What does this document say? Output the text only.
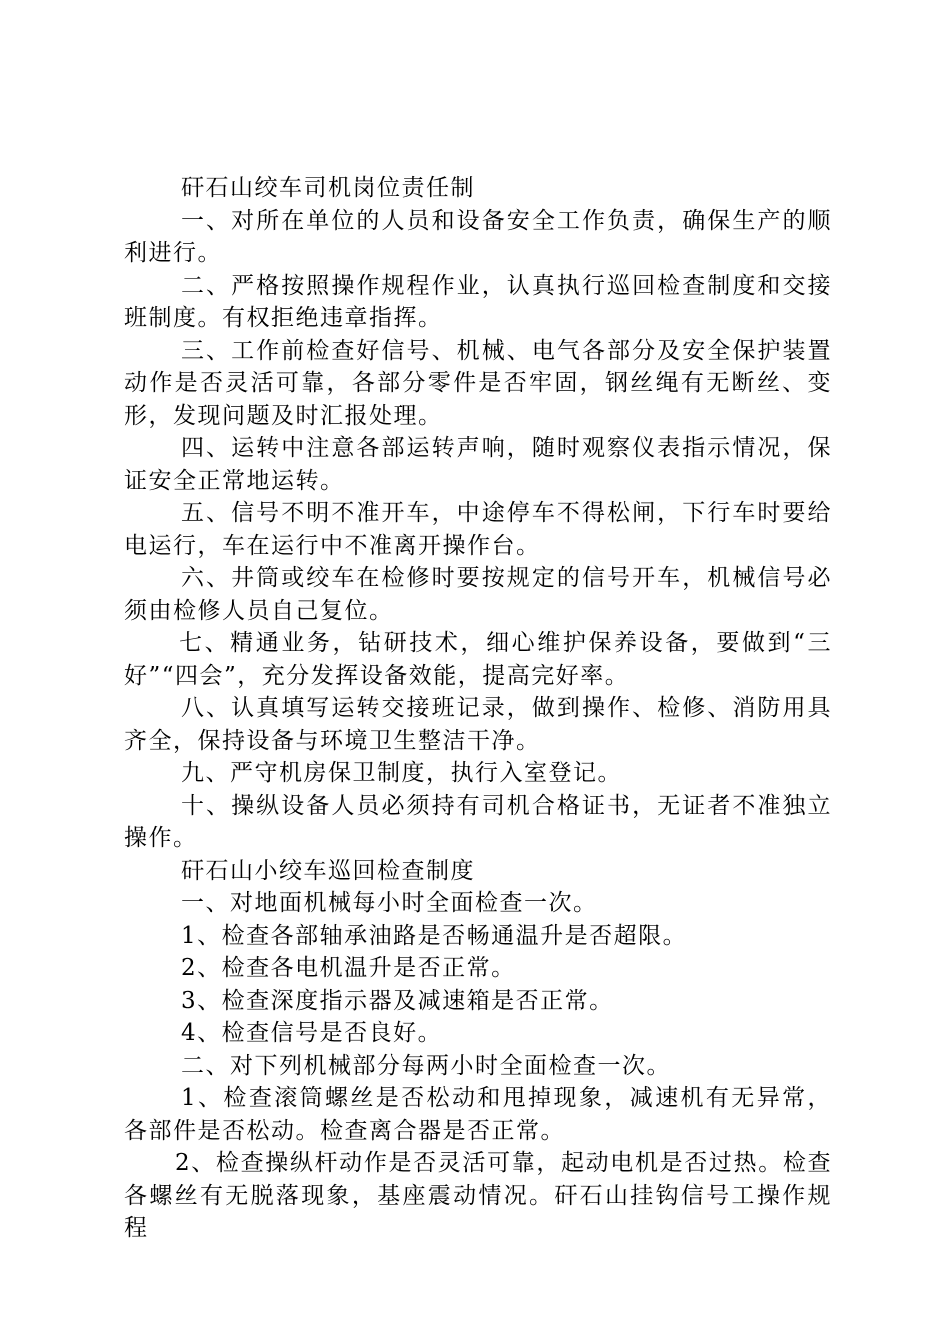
矸石山绞车司机岗位责任制

一、对所在单位的人员和设备安全工作负责，确保生产的顺利进行。

二、严格按照操作规程作业，认真执行巡回检查制度和交接班制度。有权拒绝违章指挥。

三、工作前检查好信号、机械、电气各部分及安全保护装置动作是否灵活可靠，各部分零件是否牢固，钢丝绳有无断丝、变形，发现问题及时汇报处理。

四、运转中注意各部运转声响，随时观察仪表指示情况，保证安全正常地运转。

五、信号不明不准开车，中途停车不得松闸，下行车时要给电运行，车在运行中不准离开操作台。

六、井筒或绞车在检修时要按规定的信号开车，机械信号必须由检修人员自己复位。

七、精通业务，钻研技术，细心维护保养设备，要做到“三好”“四会”，充分发挥设备效能，提高完好率。

八、认真填写运转交接班记录，做到操作、检修、消防用具齐全，保持设备与环境卫生整洁干净。

九、严守机房保卫制度，执行入室登记。

十、操纵设备人员必须持有司机合格证书，无证者不准独立操作。

矸石山小绞车巡回检查制度

一、对地面机械每小时全面检查一次。

1、检查各部轴承油路是否畅通温升是否超限。

2、检查各电机温升是否正常。

3、检查深度指示器及减速箱是否正常。

4、检查信号是否良好。

二、对下列机械部分每两小时全面检查一次。

1、检查滚筒螺丝是否松动和甩掉现象，减速机有无异常，各部件是否松动。检查离合器是否正常。

2、检查操纵杆动作是否灵活可靠，起动电机是否过热。检查各螺丝有无脱落现象，基座震动情况。矸石山挂钩信号工操作规程
